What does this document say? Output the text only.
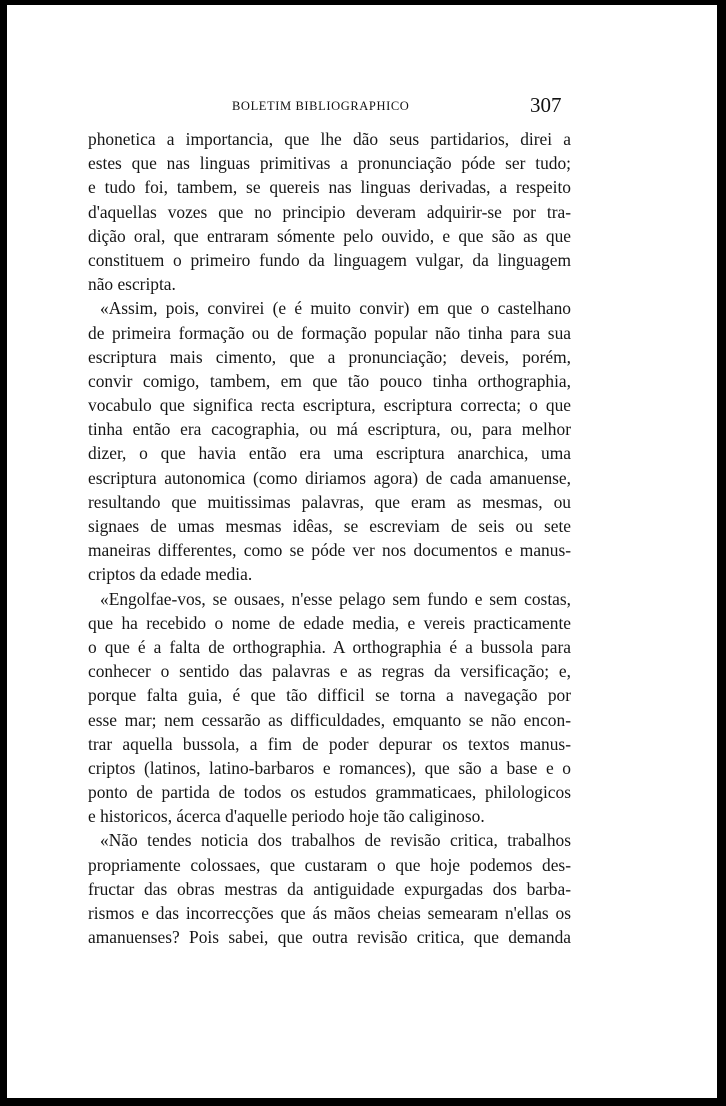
BOLETIM BIBLIOGRAPHICO	307
phonetica a importancia, que lhe dão seus partidarios, direi a
estes que nas linguas primitivas a pronunciação póde ser tudo;
e tudo foi, tambem, se quereis nas linguas derivadas, a respeito
d'aquellas vozes que no principio deveram adquirir-se por tra-
dição oral, que entraram sómente pelo ouvido, e que são as que
constituem o primeiro fundo da linguagem vulgar, da linguagem
não escripta.
«Assim, pois, convirei (e é muito convir) em que o castelhano
de primeira formação ou de formação popular não tinha para sua
escriptura mais cimento, que a pronunciação; deveis, porém,
convir comigo, tambem, em que tão pouco tinha orthographia,
vocabulo que significa recta escriptura, escriptura correcta; o que
tinha então era cacographia, ou má escriptura, ou, para melhor
dizer, o que havia então era uma escriptura anarchica, uma
escriptura autonomica (como diriamos agora) de cada amanuense,
resultando que muitissimas palavras, que eram as mesmas, ou
signaes de umas mesmas idêas, se escreviam de seis ou sete
maneiras differentes, como se póde ver nos documentos e manus-
criptos da edade media.
«Engolfae-vos, se ousaes, n'esse pelago sem fundo e sem costas,
que ha recebido o nome de edade media, e vereis practicamente
o que é a falta de orthographia. A orthographia é a bussola para
conhecer o sentido das palavras e as regras da versificação; e,
porque falta guia, é que tão difficil se torna a navegação por
esse mar; nem cessarão as difficuldades, emquanto se não encon-
trar aquella bussola, a fim de poder depurar os textos manus-
criptos (latinos, latino-barbaros e romances), que são a base e o
ponto de partida de todos os estudos grammaticaes, philologicos
e historicos, ácerca d'aquelle periodo hoje tão caliginoso.
«Não tendes noticia dos trabalhos de revisão critica, trabalhos
propriamente colossaes, que custaram o que hoje podemos des-
fructar das obras mestras da antiguidade expurgadas dos barba-
rismos e das incorrecções que ás mãos cheias semearam n'ellas os
amanuenses? Pois sabei, que outra revisão critica, que demanda
